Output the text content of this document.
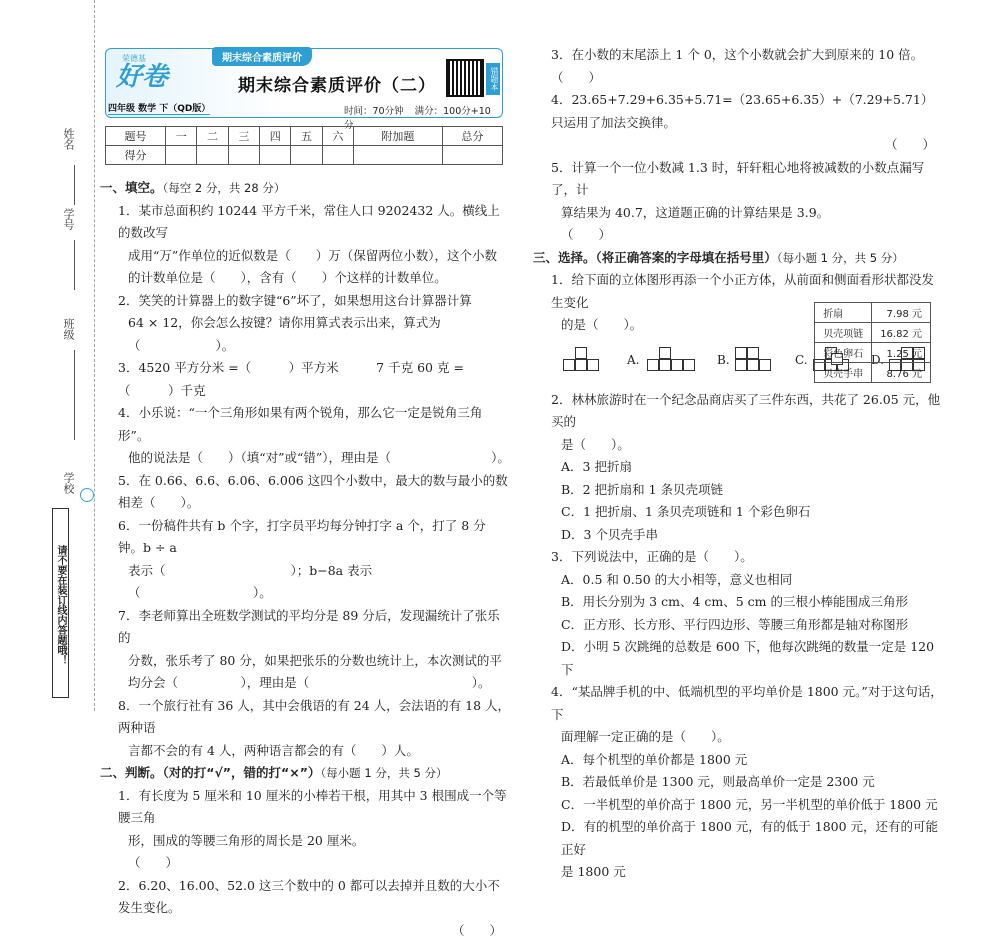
姓名
学号
班级
学校
请不要在装订线内答题哦！
荣德基
好卷
四年级 数学 下（QD版）
期末综合素质评价
期末综合素质评价（二）	错题本
时间：70分钟 满分：100分+10分
题号	一	二	三	四	五	六	附加题	总分
得分								
一、填空。（每空 2 分，共 28 分）
1．某市总面积约 10244 平方千米，常住人口 9202432 人。横线上的数改写
成用“万”作单位的近似数是（　　）万（保留两位小数），这个小数
的计数单位是（　　），含有（　　）个这样的计数单位。
2．笑笑的计算器上的数字键“6”坏了，如果想用这台计算器计算
64 × 12，你会怎么按键？请你用算式表示出来，算式为（　　　　　　）。
3．4520 平方分米 =（　　　）平方米　　　7 千克 60 克 =（　　　）千克
4．小乐说：“一个三角形如果有两个锐角，那么它一定是锐角三角形”。
他的说法是（　　）（填“对”或“错”），理由是（　　　　　　　　）。
5．在 0.66、6.6、6.06、6.006 这四个小数中，最大的数与最小的数相差（　　）。
6．一份稿件共有 b 个字，打字员平均每分钟打字 a 个，打了 8 分钟。b ÷ a
表示（　　　　　　　　　　）；b−8a 表示（　　　　　　　　　）。
7．李老师算出全班数学测试的平均分是 89 分后，发现漏统计了张乐的
分数，张乐考了 80 分，如果把张乐的分数也统计上，本次测试的平
均分会（　　　　　），理由是（　　　　　　　　　　　　　）。
8．一个旅行社有 36 人，其中会俄语的有 24 人，会法语的有 18 人，两种语
言都不会的有 4 人，两种语言都会的有（　　）人。
二、判断。（对的打“√”，错的打“×”）（每小题 1 分，共 5 分）
1．有长度为 5 厘米和 10 厘米的小棒若干根，用其中 3 根围成一个等腰三角
形，围成的等腰三角形的周长是 20 厘米。　　　　　　　　　　（　　）
2．6.20、16.00、52.0 这三个数中的 0 都可以去掉并且数的大小不发生变化。
（　　）
3．在小数的末尾添上 1 个 0，这个小数就会扩大到原来的 10 倍。　（　　）
4．23.65+7.29+6.35+5.71=（23.65+6.35）+（7.29+5.71）只运用了加法交换律。
（　　）
5．计算一个一位小数减 1.3 时，轩轩粗心地将被减数的小数点漏写了，计
算结果为 40.7，这道题正确的计算结果是 3.9。　　　　　　　　（　　）
三、选择。（将正确答案的字母填在括号里）（每小题 1 分，共 5 分）
1．给下面的立体图形再添一个小正方体，从前面和侧面看形状都没发生变化
的是（　　）。
A.	B.	C.	D.
2．林林旅游时在一个纪念品商店买了三件东西，共花了 26.05 元，他买的
是（　　）。
A．3 把折扇
B．2 把折扇和 1 条贝壳项链
C．1 把折扇、1 条贝壳项链和 1 个彩色卵石
D．3 个贝壳手串
3．下列说法中，正确的是（　　）。
A．0.5 和 0.50 的大小相等，意义也相同
B．用长分别为 3 cm、4 cm、5 cm 的三根小棒能围成三角形
C．正方形、长方形、平行四边形、等腰三角形都是轴对称图形
D．小明 5 次跳绳的总数是 600 下，他每次跳绳的数量一定是 120 下
4．“某品牌手机的中、低端机型的平均单价是 1800 元。”对于这句话，下
面理解一定正确的是（　　）。
A．每个机型的单价都是 1800 元
B．若最低单价是 1300 元，则最高单价一定是 2300 元
C．一半机型的单价高于 1800 元，另一半机型的单价低于 1800 元
D．有的机型的单价高于 1800 元，有的低于 1800 元，还有的可能正好
是 1800 元
折扇	7.98 元
贝壳项链	16.82 元
彩色卵石	1.25 元
贝壳手串	8.76 元
